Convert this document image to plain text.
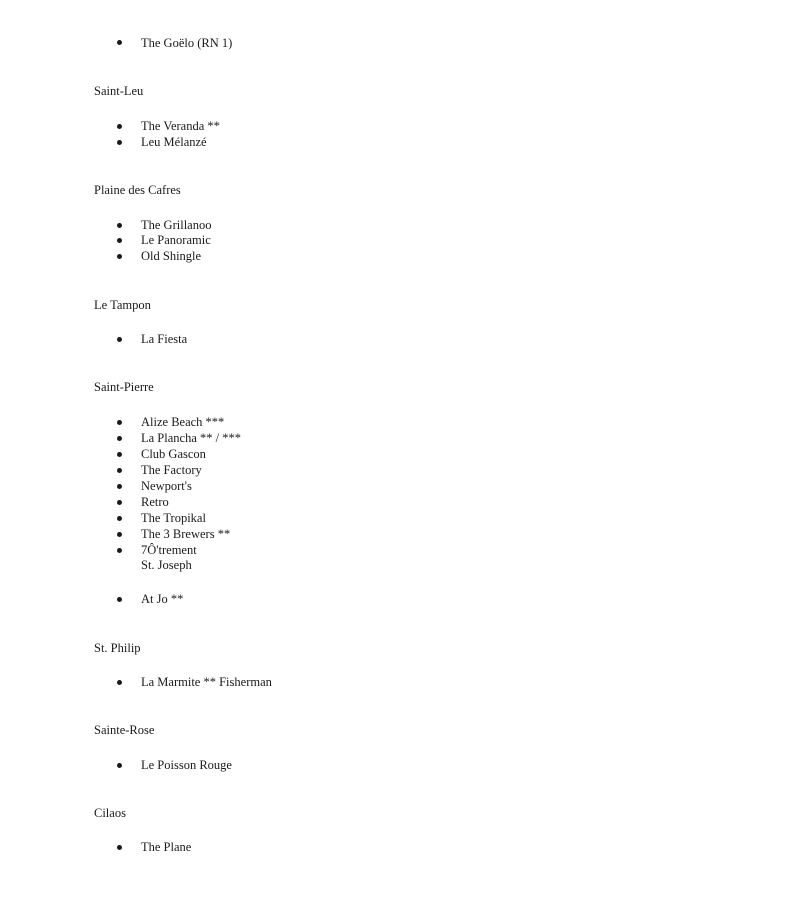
The Goëlo (RN 1)
Saint-Leu
The Veranda **
Leu Mélanzé
Plaine des Cafres
The Grillanoo
Le Panoramic
Old Shingle
Le Tampon
La Fiesta
Saint-Pierre
Alize Beach ***
La Plancha ** / ***
Club Gascon
The Factory
Newport's
Retro
The Tropikal
The 3 Brewers **
7Ô'trement
St. Joseph
At Jo **
St. Philip
La Marmite ** Fisherman
Sainte-Rose
Le Poisson Rouge
Cilaos
The Plane
